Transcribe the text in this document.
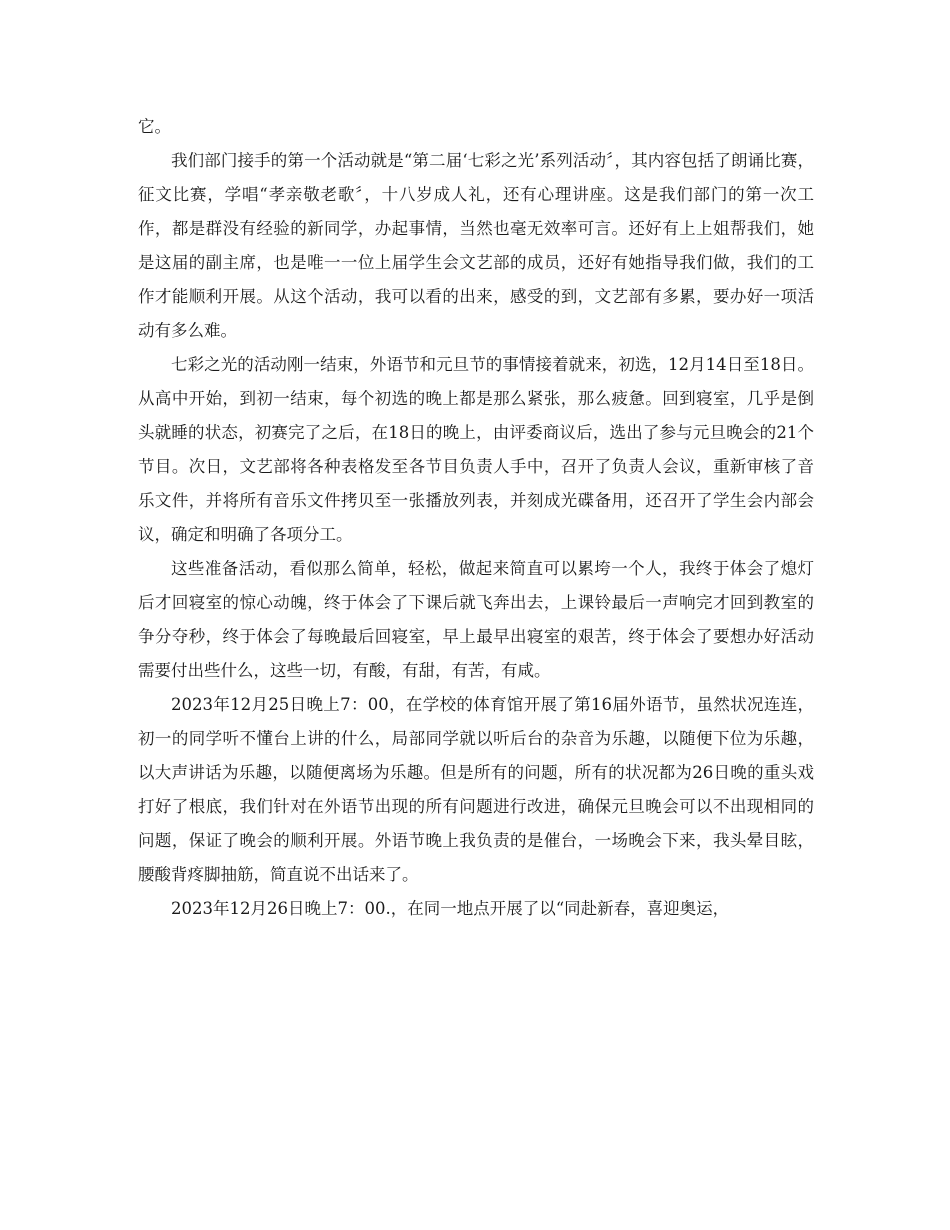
它。

我们部门接手的第一个活动就是“第二届‘七彩之光’系列活动〞，其内容包括了朗诵比赛，征文比赛，学唱“孝亲敬老歌〞，十八岁成人礼，还有心理讲座。这是我们部门的第一次工作，都是群没有经验的新同学，办起事情，当然也毫无效率可言。还好有上上姐帮我们，她是这届的副主席，也是唯一一位上届学生会文艺部的成员，还好有她指导我们做，我们的工作才能顺利开展。从这个活动，我可以看的出来，感受的到，文艺部有多累，要办好一项活动有多么难。

七彩之光的活动刚一结束，外语节和元旦节的事情接着就来，初选，12月14日至18日。从高中开始，到初一结束，每个初选的晚上都是那么紧张，那么疲惫。回到寝室，几乎是倒头就睡的状态，初赛完了之后，在18日的晚上，由评委商议后，选出了参与元旦晚会的21个节目。次日，文艺部将各种表格发至各节目负责人手中，召开了负责人会议，重新审核了音乐文件，并将所有音乐文件拷贝至一张播放列表，并刻成光碟备用，还召开了学生会内部会议，确定和明确了各项分工。

这些准备活动，看似那么简单，轻松，做起来简直可以累垮一个人，我终于体会了熄灯后才回寝室的惊心动魄，终于体会了下课后就飞奔出去，上课铃最后一声响完才回到教室的争分夺秒，终于体会了每晚最后回寝室，早上最早出寝室的艰苦，终于体会了要想办好活动需要付出些什么，这些一切，有酸，有甜，有苦，有咸。

2023年12月25日晚上7：00，在学校的体育馆开展了第16届外语节，虽然状况连连，初一的同学听不懂台上讲的什么，局部同学就以听后台的杂音为乐趣，以随便下位为乐趣，以大声讲话为乐趣，以随便离场为乐趣。但是所有的问题，所有的状况都为26日晚的重头戏打好了根底，我们针对在外语节出现的所有问题进行改进，确保元旦晚会可以不出现相同的问题，保证了晚会的顺利开展。外语节晚上我负责的是催台，一场晚会下来，我头晕目眩，腰酸背疼脚抽筋，简直说不出话来了。

2023年12月26日晚上7：00.，在同一地点开展了以“同赴新春，喜迎奥运，
